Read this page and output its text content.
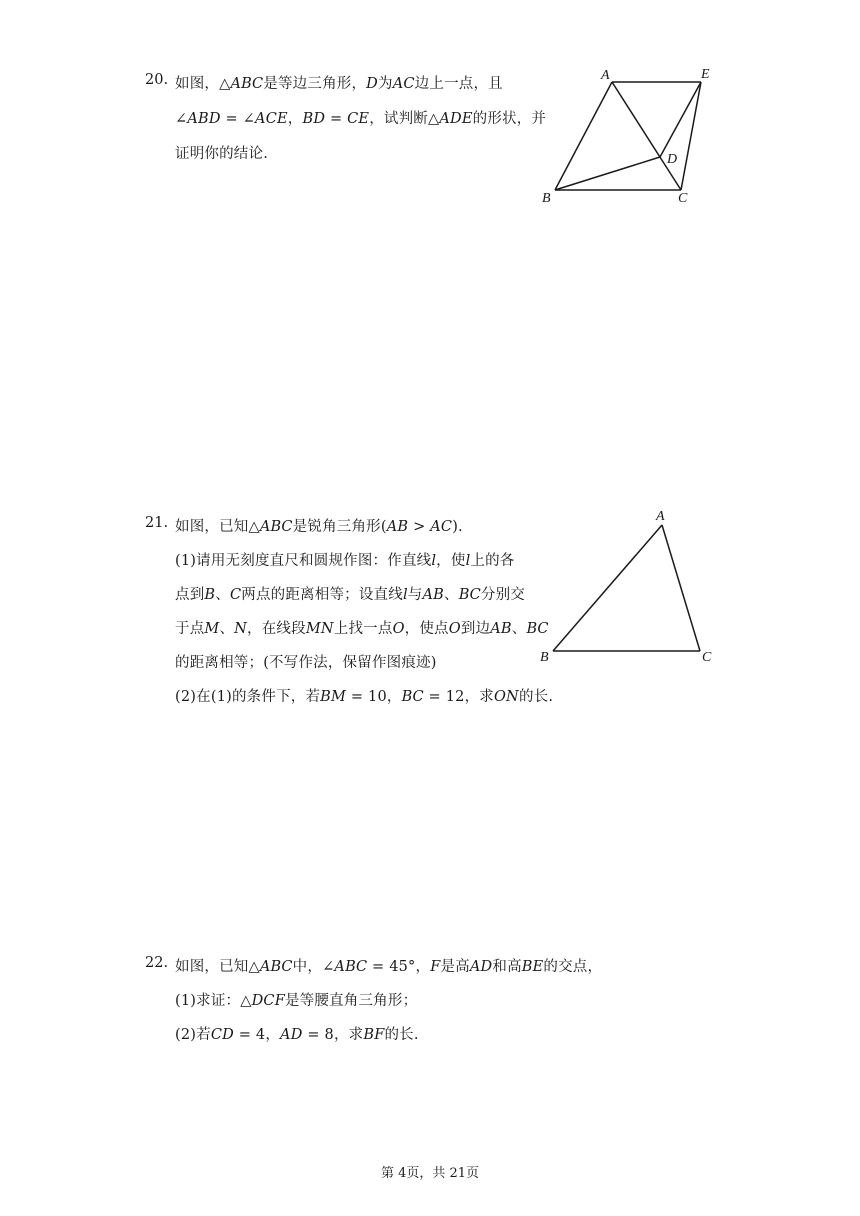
20. 如图，△𝐴𝐵𝐶是等边三角形，𝐷为𝐴𝐶边上一点，且
∠𝐴𝐵𝐷 = ∠𝐴𝐶𝐸，𝐵𝐷 = 𝐶𝐸，试判断△𝐴𝐷𝐸的形状，并
证明你的结论.
A	E
D
B	C
21. 如图，已知△𝐴𝐵𝐶是锐角三角形(𝐴𝐵 > 𝐴𝐶).
(1)请用无刻度直尺和圆规作图：作直线𝑙，使𝑙上的各
点到𝐵、𝐶两点的距离相等；设直线𝑙与𝐴𝐵、𝐵𝐶分别交
于点𝑀、𝑁，在线段𝑀𝑁上找一点𝑂，使点𝑂到边𝐴𝐵、𝐵𝐶
的距离相等；(不写作法，保留作图痕迹)
(2)在(1)的条件下，若𝐵𝑀 = 10，𝐵𝐶 = 12，求𝑂𝑁的长.
A
B	C
22. 如图，已知△𝐴𝐵𝐶中，∠𝐴𝐵𝐶 = 45°，𝐹是高𝐴𝐷和高𝐵𝐸的交点，
(1)求证：△𝐷𝐶𝐹是等腰直角三角形；
(2)若𝐶𝐷 = 4，𝐴𝐷 = 8，求𝐵𝐹的长.
第 4页，共 21页
